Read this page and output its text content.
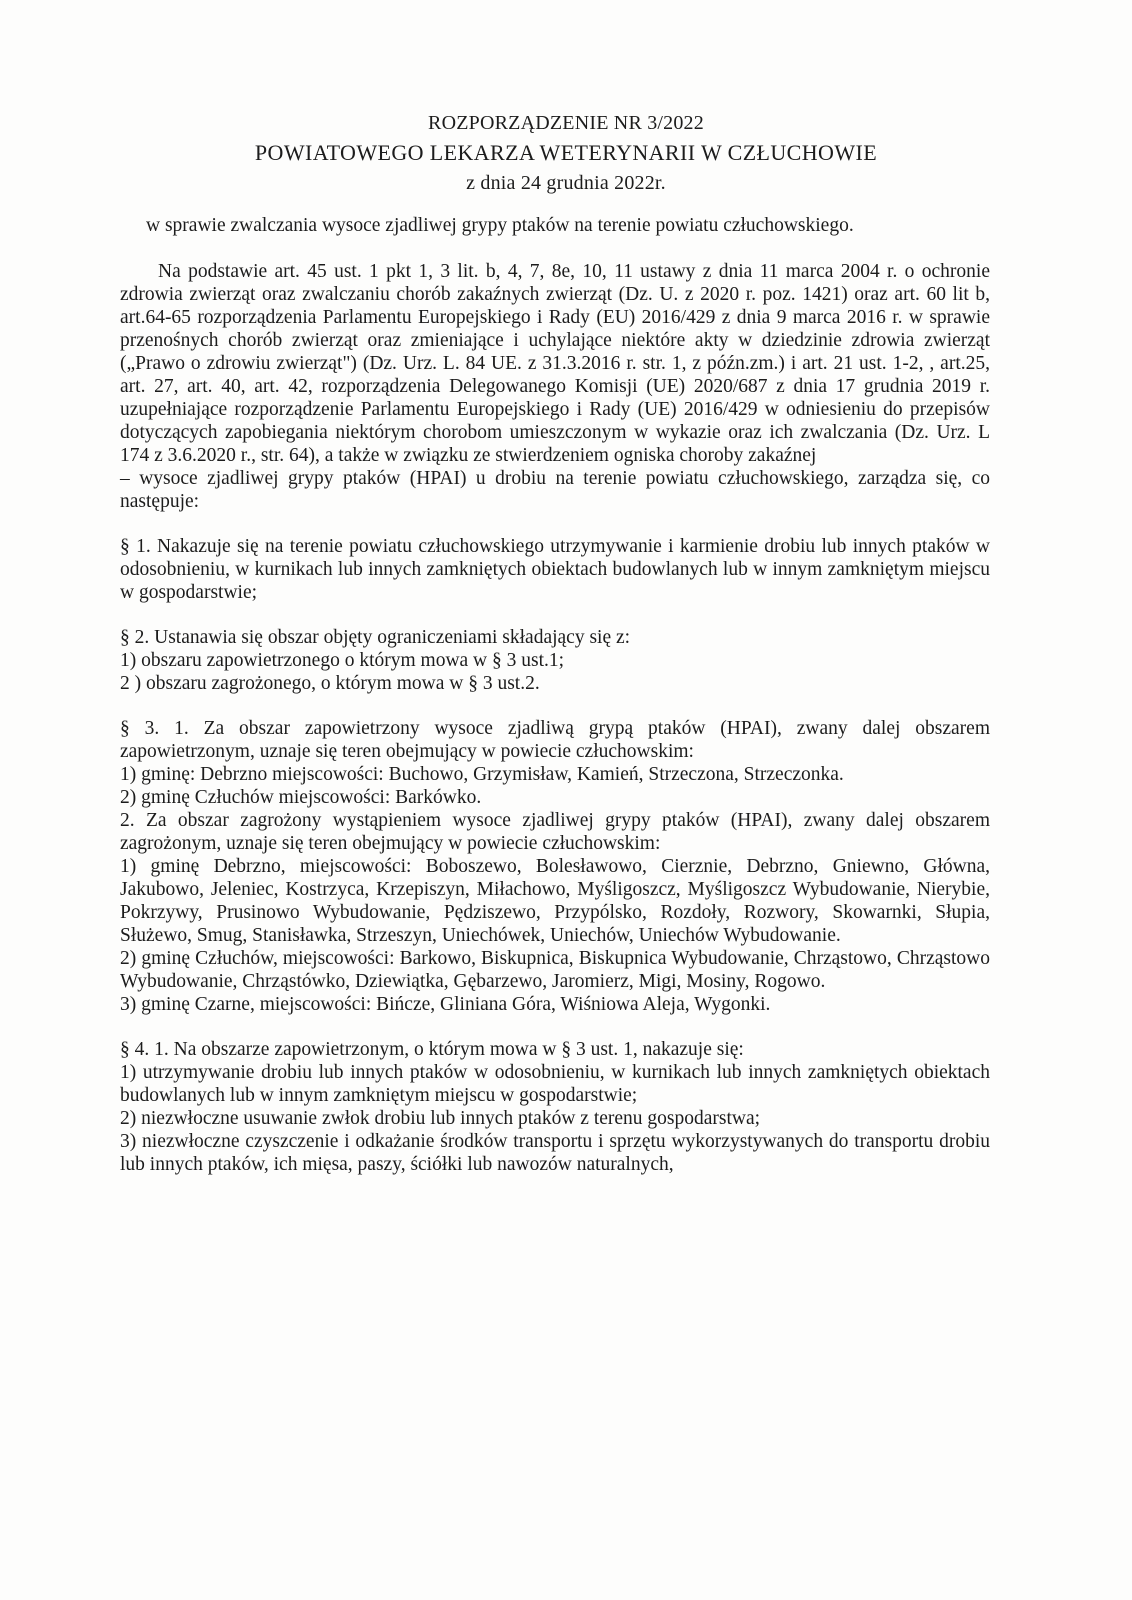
ROZPORZĄDZENIE NR 3/2022
POWIATOWEGO LEKARZA WETERYNARII W CZŁUCHOWIE
z dnia 24 grudnia 2022r.
w sprawie zwalczania wysoce zjadliwej grypy ptaków na terenie powiatu człuchowskiego.

Na podstawie art. 45 ust. 1 pkt 1, 3 lit. b, 4, 7, 8e, 10, 11 ustawy z dnia 11 marca 2004 r. o ochronie zdrowia zwierząt oraz zwalczaniu chorób zakaźnych zwierząt (Dz. U. z 2020 r. poz. 1421) oraz art. 60 lit b, art.64-65 rozporządzenia Parlamentu Europejskiego i Rady (EU) 2016/429 z dnia 9 marca 2016 r. w sprawie przenośnych chorób zwierząt oraz zmieniające i uchylające niektóre akty w dziedzinie zdrowia zwierząt („Prawo o zdrowiu zwierząt") (Dz. Urz. L. 84 UE. z 31.3.2016 r. str. 1, z późn.zm.) i art. 21 ust. 1-2, , art.25, art. 27, art. 40, art. 42, rozporządzenia Delegowanego Komisji (UE) 2020/687 z dnia 17 grudnia 2019 r. uzupełniające rozporządzenie Parlamentu Europejskiego i Rady (UE) 2016/429 w odniesieniu do przepisów dotyczących zapobiegania niektórym chorobom umieszczonym w wykazie oraz ich zwalczania (Dz. Urz. L 174 z 3.6.2020 r., str. 64), a także w związku ze stwierdzeniem ogniska choroby zakaźnej

– wysoce zjadliwej grypy ptaków (HPAI) u drobiu na terenie powiatu człuchowskiego, zarządza się, co następuje:

§ 1. Nakazuje się na terenie powiatu człuchowskiego utrzymywanie i karmienie drobiu lub innych ptaków w odosobnieniu, w kurnikach lub innych zamkniętych obiektach budowlanych lub w innym zamkniętym miejscu w gospodarstwie;

§ 2. Ustanawia się obszar objęty ograniczeniami składający się z:

1) obszaru zapowietrzonego o którym mowa w § 3 ust.1;

2 ) obszaru zagrożonego, o którym mowa w § 3 ust.2.

§ 3. 1. Za obszar zapowietrzony wysoce zjadliwą grypą ptaków (HPAI), zwany dalej obszarem zapowietrzonym, uznaje się teren obejmujący w powiecie człuchowskim:

1) gminę: Debrzno miejscowości: Buchowo, Grzymisław, Kamień, Strzeczona, Strzeczonka.

2) gminę Człuchów miejscowości: Barkówko.

2. Za obszar zagrożony wystąpieniem wysoce zjadliwej grypy ptaków (HPAI), zwany dalej obszarem zagrożonym, uznaje się teren obejmujący w powiecie człuchowskim:

1) gminę Debrzno, miejscowości: Boboszewo, Bolesławowo, Cierznie, Debrzno, Gniewno, Główna, Jakubowo, Jeleniec, Kostrzyca, Krzepiszyn, Miłachowo, Myśligoszcz, Myśligoszcz Wybudowanie, Nierybie, Pokrzywy, Prusinowo Wybudowanie, Pędziszewo, Przypólsko, Rozdoły, Rozwory, Skowarnki, Słupia, Służewo, Smug, Stanisławka, Strzeszyn, Uniechówek, Uniechów, Uniechów Wybudowanie.

2) gminę Człuchów, miejscowości: Barkowo, Biskupnica, Biskupnica Wybudowanie, Chrząstowo, Chrząstowo Wybudowanie, Chrząstówko, Dziewiątka, Gębarzewo, Jaromierz, Migi, Mosiny, Rogowo.

3) gminę Czarne, miejscowości: Bińcze, Gliniana Góra, Wiśniowa Aleja, Wygonki.

§ 4. 1. Na obszarze zapowietrzonym, o którym mowa w § 3 ust. 1, nakazuje się:

1) utrzymywanie drobiu lub innych ptaków w odosobnieniu, w kurnikach lub innych zamkniętych obiektach budowlanych lub w innym zamkniętym miejscu w gospodarstwie;

2) niezwłoczne usuwanie zwłok drobiu lub innych ptaków z terenu gospodarstwa;

3) niezwłoczne czyszczenie i odkażanie środków transportu i sprzętu wykorzystywanych do transportu drobiu lub innych ptaków, ich mięsa, paszy, ściółki lub nawozów naturalnych,
